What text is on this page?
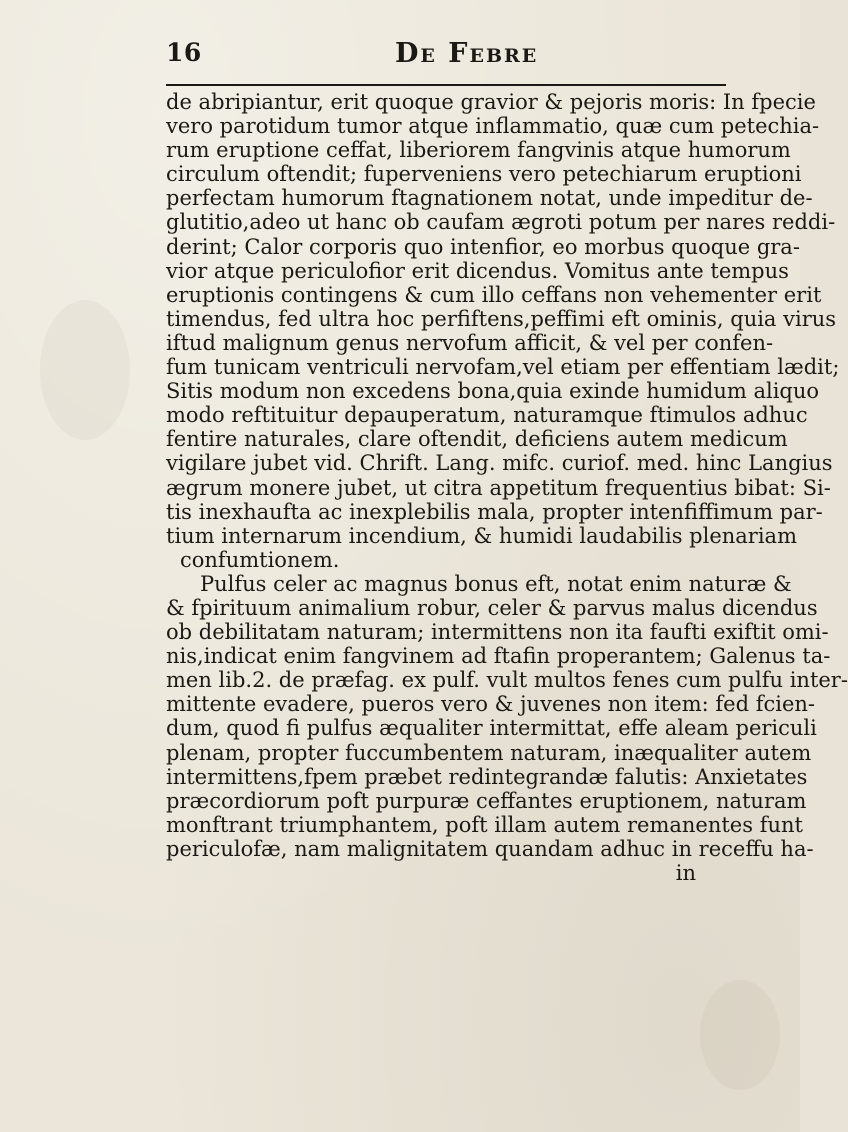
16	De Febre
de abripiantur, erit quoque gravior & pejoris moris: In fpecie
vero parotidum tumor atque inflammatio, quæ cum petechia-
rum eruptione ceffat, liberiorem fangvinis atque humorum
circulum oftendit; fuperveniens vero petechiarum eruptioni
perfectam humorum ftagnationem notat, unde impeditur de-
glutitio,adeo ut hanc ob caufam ægroti potum per nares reddi-
derint; Calor corporis quo intenfior, eo morbus quoque gra-
vior atque periculofior erit dicendus. Vomitus ante tempus
eruptionis contingens & cum illo ceffans non vehementer erit
timendus, fed ultra hoc perfiftens,peffimi eft ominis, quia virus
iftud malignum genus nervofum afficit, & vel per confen-
fum tunicam ventriculi nervofam,vel etiam per effentiam lædit;
Sitis modum non excedens bona,quia exinde humidum aliquo
modo reftituitur depauperatum, naturamque ftimulos adhuc
fentire naturales, clare oftendit, deficiens autem medicum
vigilare jubet vid. Chrift. Lang. mifc. curiof. med. hinc Langius
ægrum monere jubet, ut citra appetitum frequentius bibat: Si-
tis inexhaufta ac inexplebilis mala, propter intenfiffimum par-
tium internarum incendium, & humidi laudabilis plenariam
confumtionem.
Pulfus celer ac magnus bonus eft, notat enim naturæ &
& fpirituum animalium robur, celer & parvus malus dicendus
ob debilitatam naturam; intermittens non ita faufti exiftit omi-
nis,indicat enim fangvinem ad ftafin properantem; Galenus ta-
men lib.2. de præfag. ex pulf. vult multos fenes cum pulfu inter-
mittente evadere, pueros vero & juvenes non item: fed fcien-
dum, quod fi pulfus æqualiter intermittat, effe aleam periculi
plenam, propter fuccumbentem naturam, inæqualiter autem
intermittens,fpem præbet redintegrandæ falutis: Anxietates
præcordiorum poft purpuræ ceffantes eruptionem, naturam
monftrant triumphantem, poft illam autem remanentes funt
periculofæ, nam malignitatem quandam adhuc in receffu ha-
in
